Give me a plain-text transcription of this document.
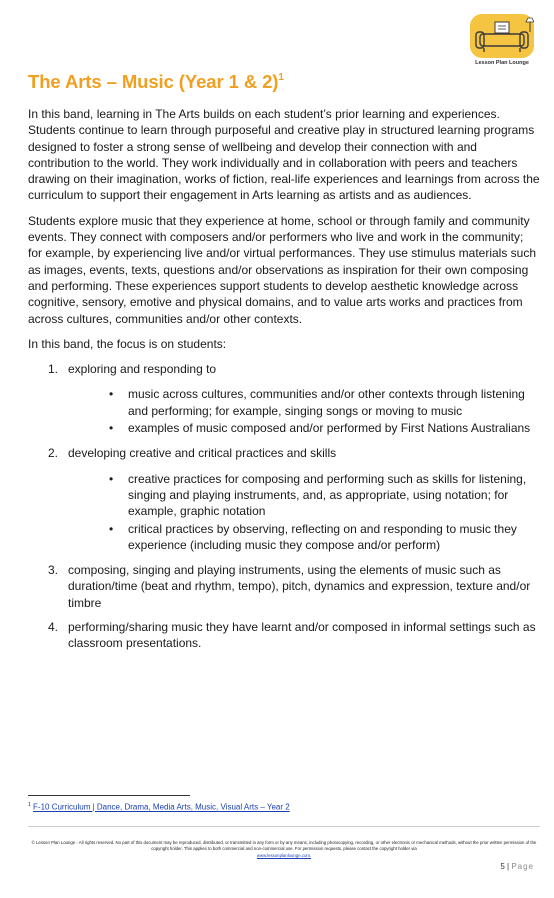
Lesson Plan Lounge
The Arts – Music (Year 1 & 2)$^1$

In this band, learning in The Arts builds on each student’s prior learning and experiences. Students continue to learn through purposeful and creative play in structured learning programs designed to foster a strong sense of wellbeing and develop their connection with and contribution to the world. They work individually and in collaboration with peers and teachers drawing on their imagination, works of fiction, real-life experiences and learnings from across the curriculum to support their engagement in Arts learning as artists and as audiences.

Students explore music that they experience at home, school or through family and community events. They connect with composers and/or performers who live and work in the community; for example, by experiencing live and/or virtual performances. They use stimulus materials such as images, events, texts, questions and/or observations as inspiration for their own composing and performing. These experiences support students to develop aesthetic knowledge across cognitive, sensory, emotive and physical domains, and to value arts works and practices from across cultures, communities and/or other contexts.

In this band, the focus is on students:

1. exploring and responding to
• music across cultures, communities and/or other contexts through listening and performing; for example, singing songs or moving to music
• examples of music composed and/or performed by First Nations Australians
2. developing creative and critical practices and skills
• creative practices for composing and performing such as skills for listening, singing and playing instruments, and, as appropriate, using notation; for example, graphic notation
• critical practices by observing, reflecting on and responding to music they experience (including music they compose and/or perform)
3. composing, singing and playing instruments, using the elements of music such as duration/time (beat and rhythm, tempo), pitch, dynamics and expression, texture and/or timbre
4. performing/sharing music they have learnt and/or composed in informal settings such as classroom presentations.
$^1$ F-10 Curriculum | Dance, Drama, Media Arts, Music, Visual Arts – Year 2
© Lesson Plan Lounge - All rights reserved. No part of this document may be reproduced, distributed, or transmitted in any form or by any means, including photocopying, recording, or other electronic or mechanical methods, without the prior written permission of the copyright holder. This applies to both commercial and non-commercial use. For permission requests, please contact the copyright holder via
www.lessonplanlounge.com.
5 | Page
